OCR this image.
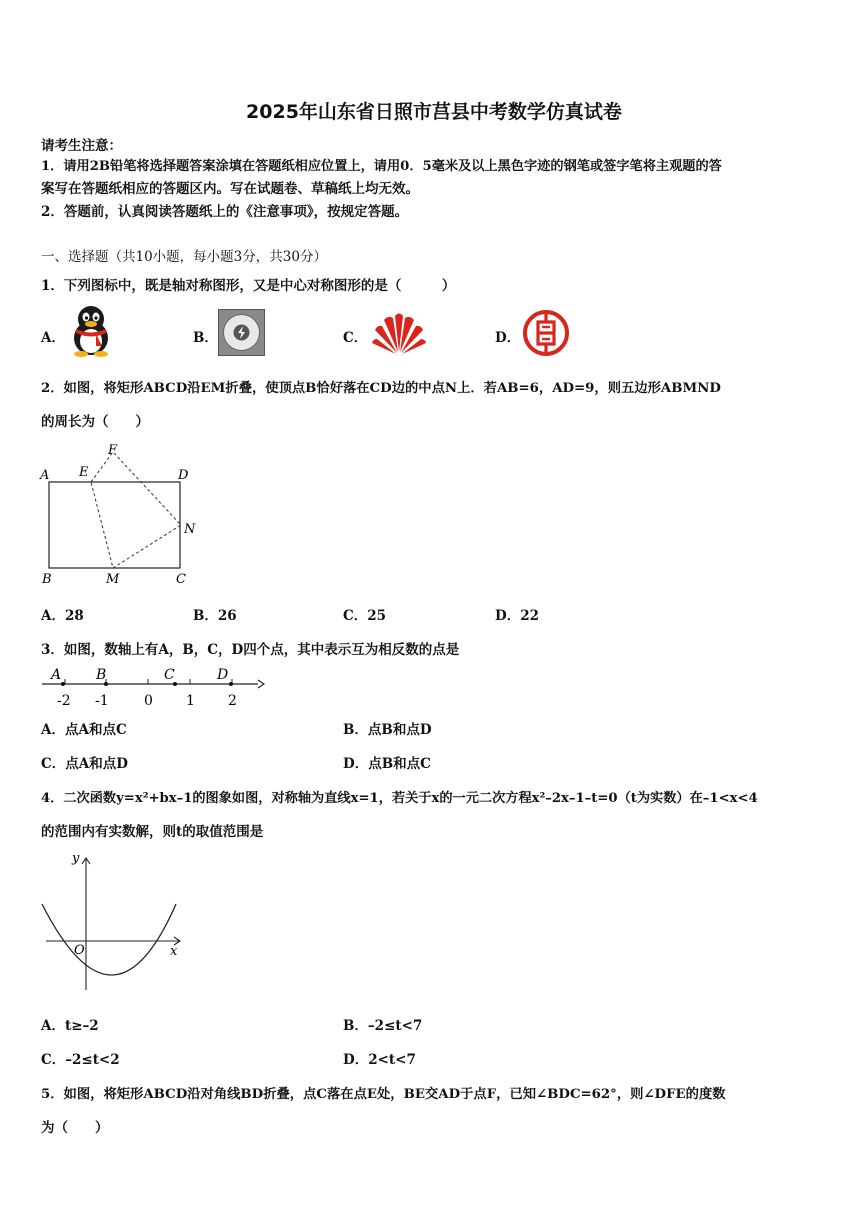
2025年山东省日照市莒县中考数学仿真试卷
请考生注意：
1．请用2B铅笔将选择题答案涂填在答题纸相应位置上，请用0．5毫米及以上黑色字迹的钢笔或签字笔将主观题的答
案写在答题纸相应的答题区内。写在试题卷、草稿纸上均无效。
2．答题前，认真阅读答题纸上的《注意事项》，按规定答题。
一、选择题（共10小题，每小题3分，共30分）
1．下列图标中，既是轴对称图形，又是中心对称图形的是（　　　）
A．	B．	C．	D．
2．如图，将矩形ABCD沿EM折叠，使顶点B恰好落在CD边的中点N上．若AB=6，AD=9，则五边形ABMND
的周长为（　　）
A E
F
D
N
B	M	C
A．28	B．26	C．25	D．22
3．如图，数轴上有A，B，C，D四个点，其中表示互为相反数的点是
A B	C	D
-2 -1	0 1 2
A．点A和点C	B．点B和点D
C．点A和点D	D．点B和点C
4．二次函数y=x²+bx–1的图象如图，对称轴为直线x=1，若关于x的一元二次方程x²–2x–1–t=0（t为实数）在–1<x<4
的范围内有实数解，则t的取值范围是
y
x
O
A．t≥–2	B．–2≤t<7
C．–2≤t<2	D．2<t<7
5．如图，将矩形ABCD沿对角线BD折叠，点C落在点E处，BE交AD于点F，已知∠BDC=62°，则∠DFE的度数
为（　　）
